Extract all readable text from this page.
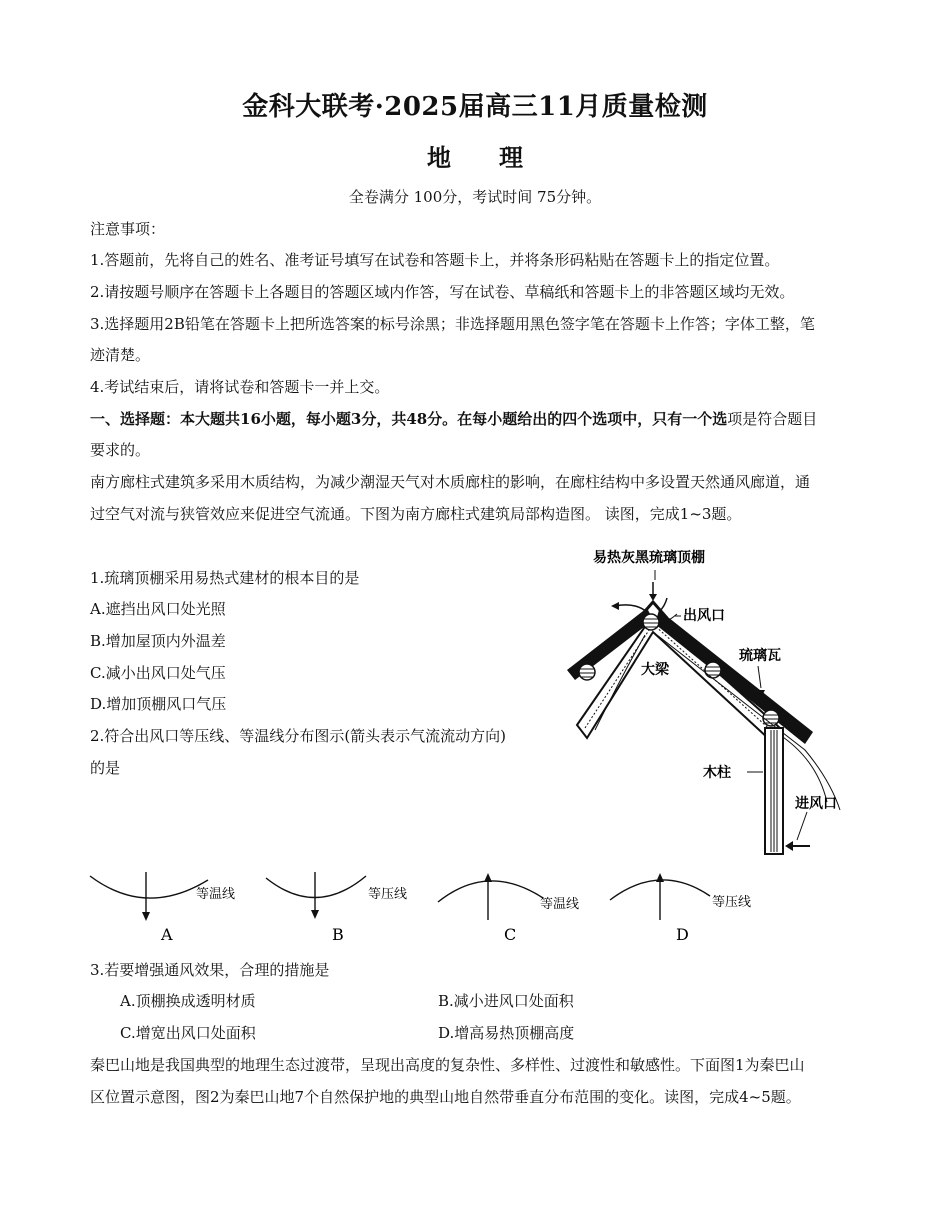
金科大联考·2025届高三11月质量检测
地理
全卷满分 100分，考试时间 75分钟。
注意事项：
1.答题前，先将自己的姓名、准考证号填写在试卷和答题卡上，并将条形码粘贴在答题卡上的指定位置。
2.请按题号顺序在答题卡上各题目的答题区域内作答，写在试卷、草稿纸和答题卡上的非答题区域均无效。
3.选择题用2B铅笔在答题卡上把所选答案的标号涂黑；非选择题用黑色签字笔在答题卡上作答；字体工整，笔
迹清楚。
4.考试结束后，请将试卷和答题卡一并上交。
一、选择题：本大题共16小题，每小题3分，共48分。在每小题给出的四个选项中，只有一个选项是符合题目
要求的。
南方廊柱式建筑多采用木质结构，为减少潮湿天气对木质廊柱的影响，在廊柱结构中多设置天然通风廊道，通
过空气对流与狭管效应来促进空气流通。下图为南方廊柱式建筑局部构造图。 读图，完成1~3题。
1.琉璃顶棚采用易热式建材的根本目的是
A.遮挡出风口处光照
B.增加屋顶内外温差
C.减小出风口处气压
D.增加顶棚风口气压
2.符合出风口等压线、等温线分布图示(箭头表示气流流动方向)
的是
易热灰黑琉璃顶棚
出风口
琉璃瓦
大梁
木柱
进风口
等温线
A
等压线
B
等温线
C
等压线
D
3.若要增强通风效果，合理的措施是
A.顶棚换成透明材质	B.减小进风口处面积
C.增宽出风口处面积	D.增高易热顶棚高度
秦巴山地是我国典型的地理生态过渡带，呈现出高度的复杂性、多样性、过渡性和敏感性。下面图1为秦巴山
区位置示意图，图2为秦巴山地7个自然保护地的典型山地自然带垂直分布范围的变化。读图，完成4~5题。
